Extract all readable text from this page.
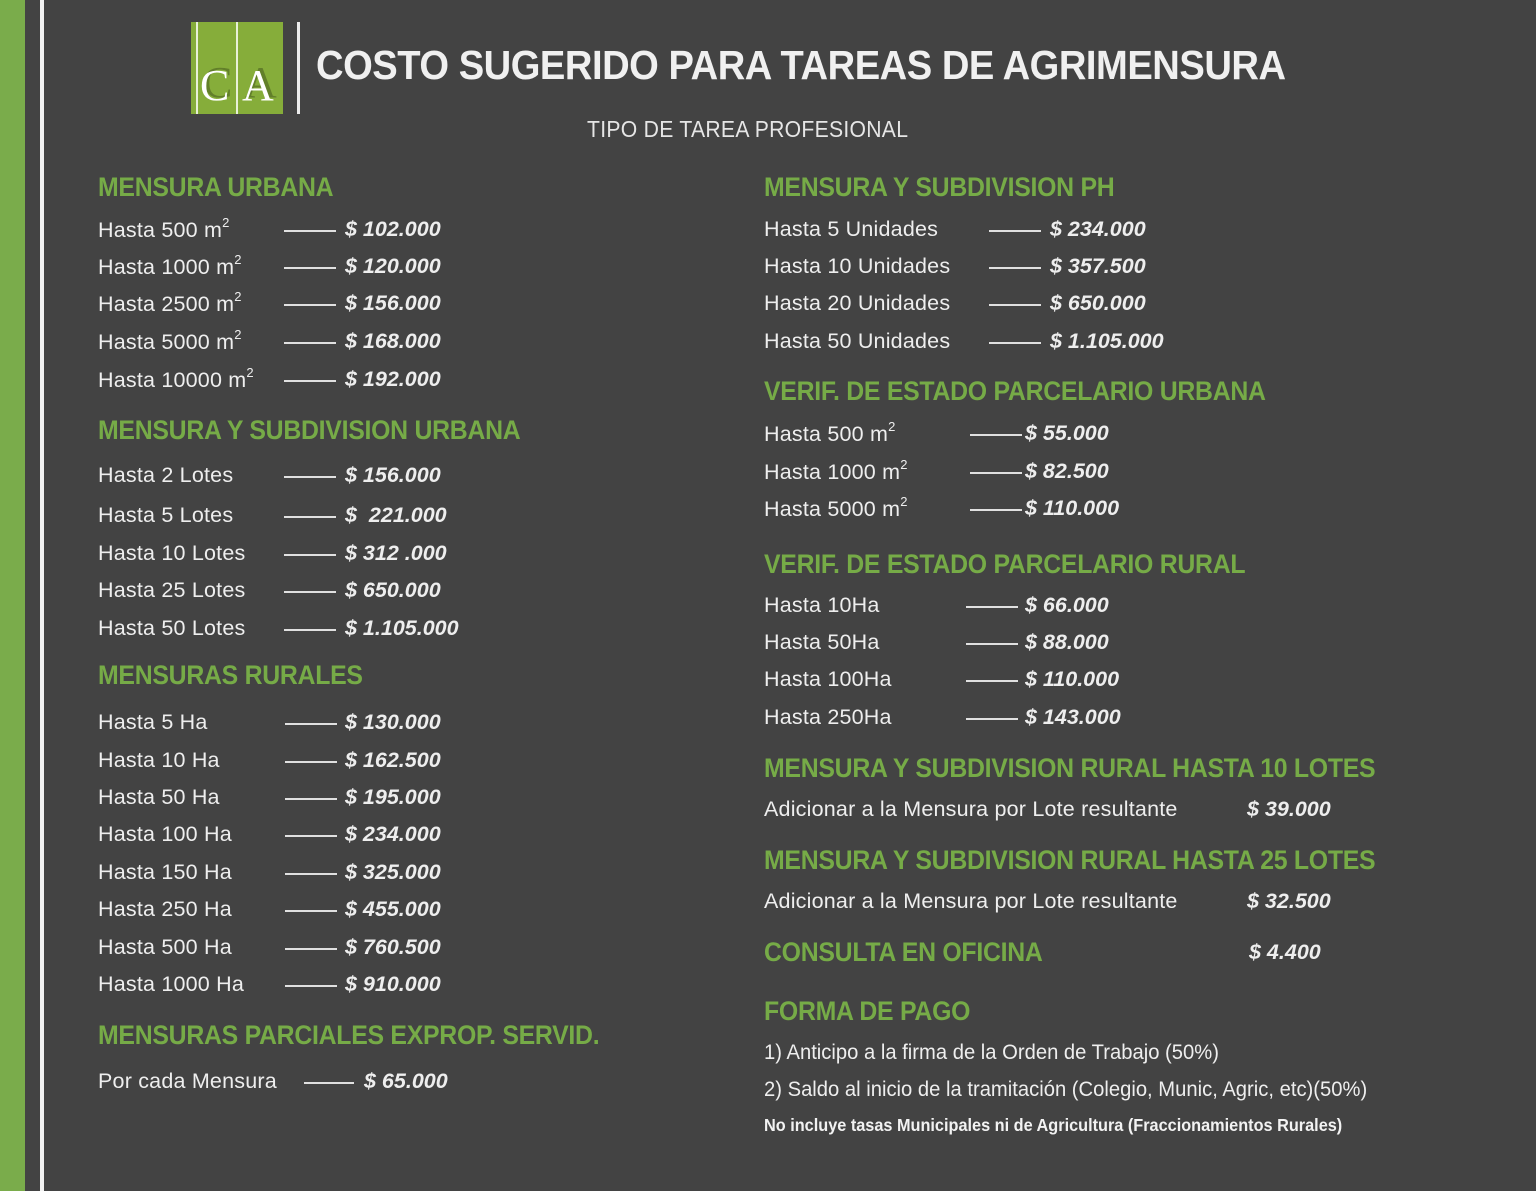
C A COSTO SUGERIDO PARA TAREAS DE AGRIMENSURA
TIPO DE TAREA PROFESIONAL
MENSURA URBANA
Hasta 500 $m^2$	$ 102.000
Hasta 1000 $m^2$	$ 120.000
Hasta 2500 $m^2$	$ 156.000
Hasta 5000 $m^2$	$ 168.000
Hasta 10000 $m^2$	$ 192.000
MENSURA Y SUBDIVISION URBANA
Hasta 2 Lotes	$ 156.000
Hasta 5 Lotes	$  221.000
Hasta 10 Lotes	$ 312 .000
Hasta 25 Lotes	$ 650.000
Hasta 50 Lotes	$ 1.105.000
MENSURAS RURALES
Hasta 5 Ha	$ 130.000
Hasta 10 Ha	$ 162.500
Hasta 50 Ha	$ 195.000
Hasta 100 Ha	$ 234.000
Hasta 150 Ha	$ 325.000
Hasta 250 Ha	$ 455.000
Hasta 500 Ha	$ 760.500
Hasta 1000 Ha	$ 910.000
MENSURAS PARCIALES EXPROP. SERVID.
Por cada Mensura	$ 65.000
MENSURA Y SUBDIVISION PH
Hasta 5 Unidades	$ 234.000
Hasta 10 Unidades	$ 357.500
Hasta 20 Unidades	$ 650.000
Hasta 50 Unidades	$ 1.105.000
VERIF. DE ESTADO PARCELARIO URBANA
Hasta 500 $m^2$	$ 55.000
Hasta 1000 $m^2$	$ 82.500
Hasta 5000 $m^2$	$ 110.000
VERIF. DE ESTADO PARCELARIO RURAL
Hasta 10Ha	$ 66.000
Hasta 50Ha	$ 88.000
Hasta 100Ha	$ 110.000
Hasta 250Ha	$ 143.000
MENSURA Y SUBDIVISION RURAL HASTA 10 LOTES
Adicionar a la Mensura por Lote resultante	$ 39.000
MENSURA Y SUBDIVISION RURAL HASTA 25 LOTES
Adicionar a la Mensura por Lote resultante	$ 32.500
CONSULTA EN OFICINA	$ 4.400
FORMA DE PAGO
1) Anticipo a la firma de la Orden de Trabajo (50%)
2) Saldo al inicio de la tramitación (Colegio, Munic, Agric, etc)(50%)
No incluye tasas Municipales ni de Agricultura (Fraccionamientos Rurales)
